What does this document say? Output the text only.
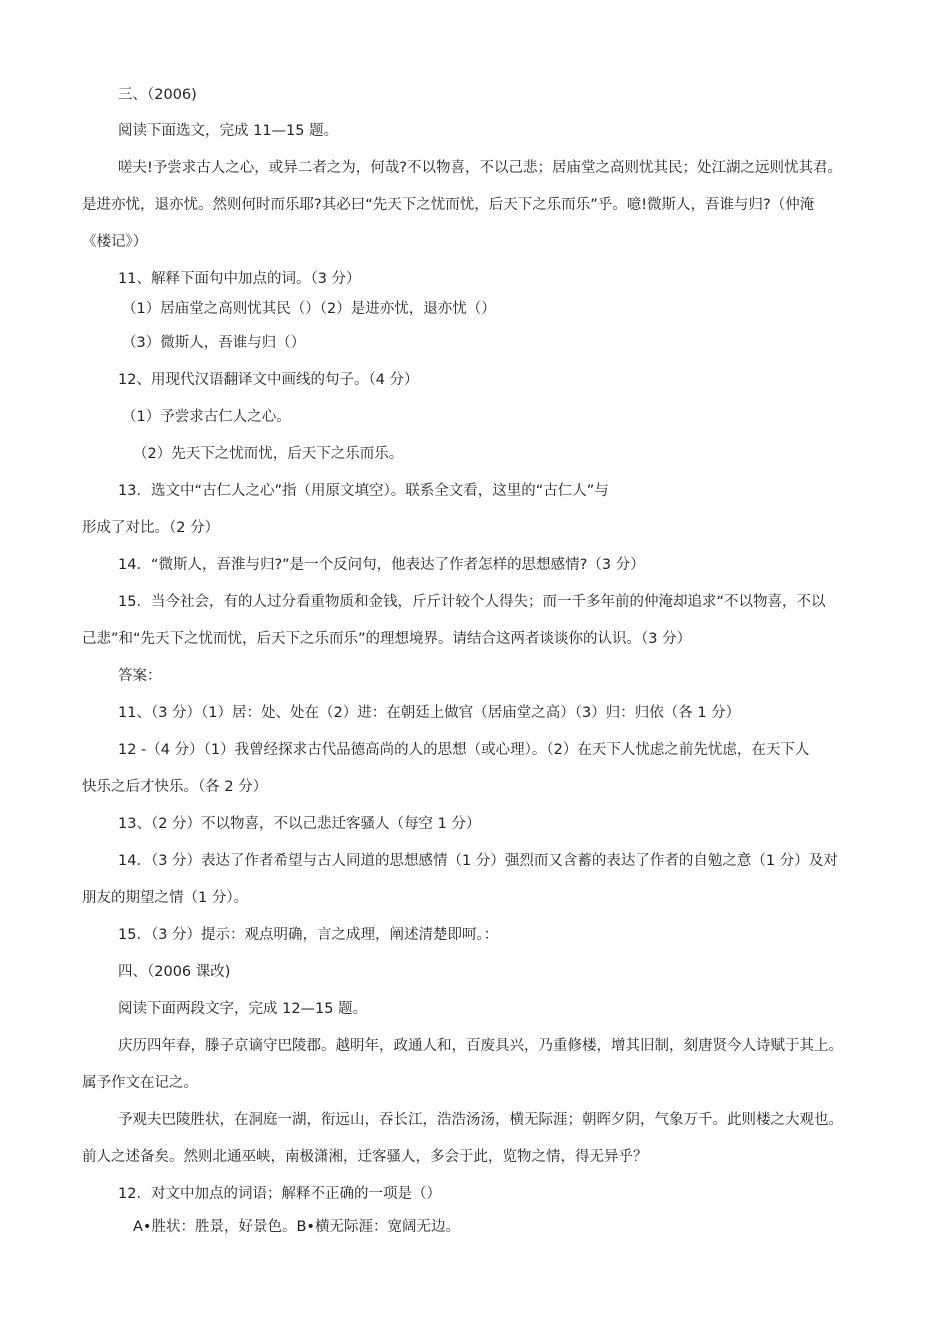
三、（2006)

阅读下面选文，完成 11—15 题。

嗟夫!予尝求古人之心，或异二者之为，何哉?不以物喜，不以己悲；居庙堂之高则忧其民；处江湖之远则忧其君。

是进亦忧，退亦忧。然则何时而乐耶?其必曰“先天下之忧而忧，后天下之乐而乐”乎。噫!微斯人，吾谁与归?（仲淹

《楼记》）

11、解释下面句中加点的词。（3 分）

（1）居庙堂之高则忧其民（）（2）是进亦忧，退亦忧（）

（3）微斯人，吾谁与归（）

12、用现代汉语翻译文中画线的句子。（4 分）

（1）予尝求古仁人之心。

（2）先天下之忧而忧，后天下之乐而乐。

13．选文中“古仁人之心”指（用原文填空）。联系全文看，这里的“古仁人”与

形成了对比。（2 分）

14．“微斯人，吾淮与归?”是一个反问句，他表达了作者怎样的思想感情?（3 分）

15．当今社会，有的人过分看重物质和金钱，斤斤计较个人得失；而一千多年前的仲淹却追求“不以物喜，不以

己悲”和“先天下之忧而忧，后天下之乐而乐”的理想境界。请结合这两者谈谈你的认识。（3 分）

答案：

11、（3 分）（1）居：处、处在（2）进：在朝廷上做官（居庙堂之高）（3）归：归依（各 1 分）

12 -（4 分）（1）我曾经探求古代品德高尚的人的思想（或心理）。（2）在天下人忧虑之前先忧虑，在天下人

快乐之后才快乐。（各 2 分）

13、（2 分）不以物喜，不以己悲迁客骚人（每空 1 分）

14．（3 分）表达了作者希望与古人同道的思想感情（1 分）强烈而又含蓄的表达了作者的自勉之意（1 分）及对

朋友的期望之情（1 分）。

15．（3 分）提示：观点明确，言之成理，阐述清楚即呵。：

四、（2006 课改)

阅读下面两段文字，完成 12—15 题。

庆历四年春，滕子京谪守巴陵郡。越明年，政通人和，百废具兴，乃重修楼，增其旧制，刻唐贤今人诗赋于其上。

属予作文在记之。

予观夫巴陵胜状，在洞庭一湖，衔远山，吞长江，浩浩汤汤，横无际涯；朝晖夕阴，气象万千。此则楼之大观也。

前人之述备矣。然则北通巫峡，南极潇湘，迁客骚人，多会于此，览物之情，得无异乎？

12．对文中加点的词语；解释不正确的一项是（）

A•胜状：胜景，好景色。B•横无际涯：宽阔无边。
